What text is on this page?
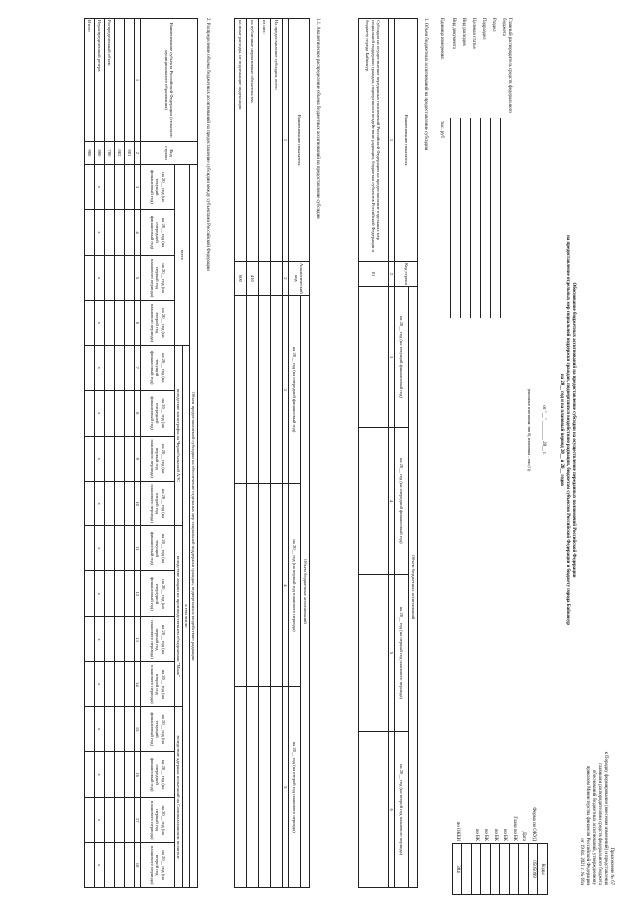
Приложение № 67
к Порядку формирования (внесения изменений) и представления
главными распорядителями средств федерального бюджета
обоснований бюджетных ассигнований, утвержденному
приказом Министерства финансов Российской Федерации
от 19.04. 2021 г. № 66н
Обоснование бюджетных ассигнований на предоставление субсидии на осуществление переданных полномочий Российской Федерации
на предоставление отдельных мер социальной поддержки граждан, подвергшихся воздействию радиации, бюджетам субъектов Российской Федерации и бюджету города Байконур
на 20__ год и на плановый период 20__ и 20__ годов
от "__" ________ 20__ г.
(вносимые изменения: тип 0), изменения – тип (1))
	Коды
Форма по ОКУД	0505099
Дата	
Глава по БК	
по БК	
по БК	
по БК	
по БК	

по ОКЕИ	384
Главный распорядитель средств федерального бюджета
Раздел
Подраздел
Целевая статья
Вид расходов
Вид документа
Единица измерения: тыс. руб
1. Объем бюджетных ассигнований на предоставление субсидии
Наименование показателя	Код строки	Объем бюджетных ассигнований			
		на 20__ год (на текущий финансовый год)	на 20__ год (на очередной финансовый год)	на 20__ год (на первый год планового периода)	на 20__ год (на второй год планового периода)
1	2	3	4	5	6
Субсидия на осуществление переданных полномочий Российской Федерации на предоставление отдельных мер социальной поддержки граждан, подвергшихся воздействию радиации, бюджетам субъектов Российской Федерации и бюджету города Байконур	01				
1.1. Аналитическое распределение объема бюджетных ассигнований на предоставление субсидии
Наименование показателя	Аналитический код	Объем бюджетных ассигнований		
		на 20__ год (на очередной финансовый год)	на 20__ год (на первый год планового периода)	на 20__ год (на второй год планового периода)
1	2	3	4	5
На предоставление субсидии, всего				
из них:				
на публичные нормативные обязательства	410			
на иные расходы, не подлежащие индексации	600			
2. Распределение объема бюджетных ассигнований на предоставление субсидии между субъектами Российской Федерации
Наименование субъекта Российской Федерации (сельского муниципального образования)	Код строки	Объем предоставляемой субсидии на обеспечение отдельных мер социальной поддержки граждан, подвергшихся воздействию радиации															
		всего				в том числе:											
						вследствие катастрофы на Чернобыльской АЭС				вследствие аварии на производственном объединении "Маяк"				вследствие ядерных испытаний на Семипалатинском полигоне			
		на 20__ год (на текущий финансовый год)	на 20__ год (на очередной финансовый год)	на 20__ год (на первый год планового периода)	на 20__ год (на второй год планового периода)	на 20__ год (на текущий финансовый год)	на 20__ год (на очередной финансовый год)	на 20__ год (на первый год планового периода)	на 20__ год (на второй год планового периода)	на 20__ год (на текущий финансовый год)	на 20__ год (на очередной финансовый год)	на 20__ год (на первый год планового периода)	на 20__ год (на второй год планового периода)	на 20__ год (на текущий финансовый год)	на 20__ год (на очередной финансовый год)	на 20__ год (на первый год планового периода)	на 20__ год (на второй год планового периода)
1	2	3	4	5	6	7	8	9	10	11	12	13	14	15	16	17	18
	001																
	002																
Распределенный объем	700																
Нераспределенный резерв	800	x	x	x	x	x	x	x	x	x	x	x	x	x	x	x	x
Итого	900																
